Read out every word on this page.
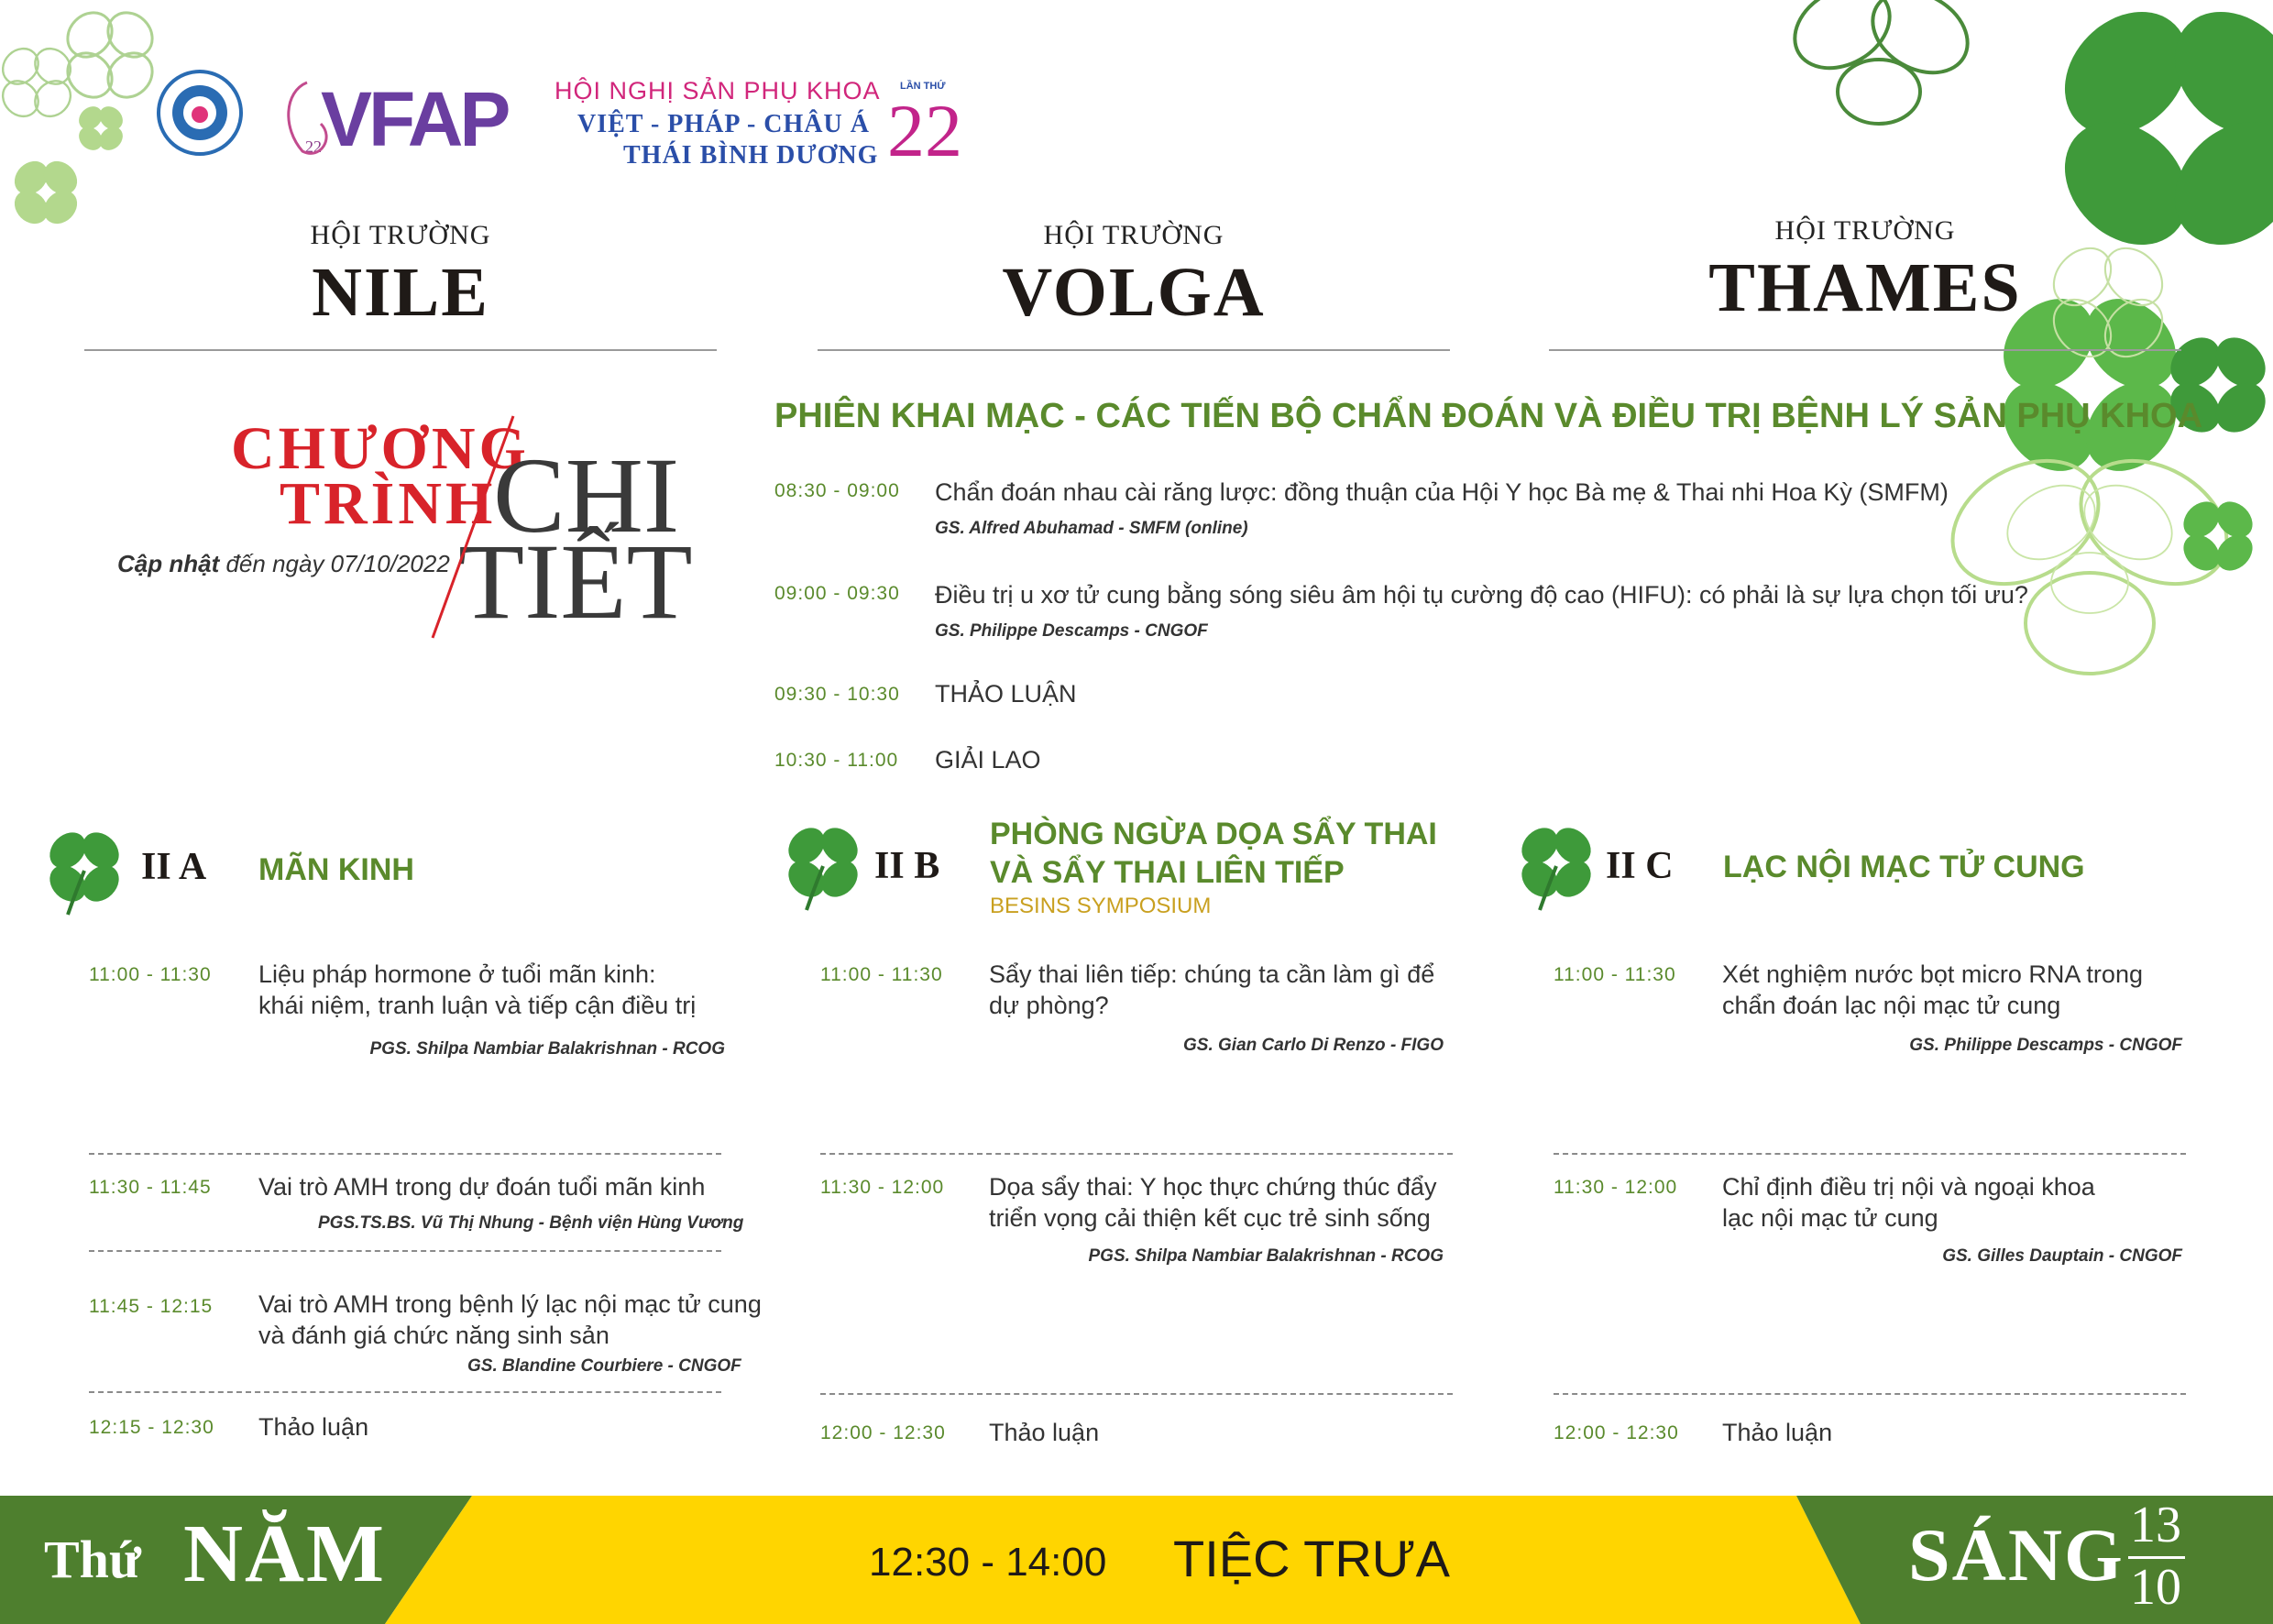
22 VFAP HỘI NGHỊ SẢN PHỤ KHOA
VIỆT - PHÁP - CHÂU Á
THÁI BÌNH DƯƠNG
LẦN THỨ
22
HỘI TRƯỜNG
NILE
HỘI TRƯỜNG
VOLGA
HỘI TRƯỜNG
THAMES
CHƯƠNG
TRÌNH
CHI
TIẾT
Cập nhật đến ngày 07/10/2022
PHIÊN KHAI MẠC - CÁC TIẾN BỘ CHẨN ĐOÁN VÀ ĐIỀU TRỊ BỆNH LÝ SẢN PHỤ KHOA
08:30 - 09:00 Chẩn đoán nhau cài răng lược: đồng thuận của Hội Y học Bà mẹ & Thai nhi Hoa Kỳ (SMFM)
GS. Alfred Abuhamad - SMFM (online)
09:00 - 09:30 Điều trị u xơ tử cung bằng sóng siêu âm hội tụ cường độ cao (HIFU): có phải là sự lựa chọn tối ưu?
GS. Philippe Descamps - CNGOF
09:30 - 10:30 THẢO LUẬN
10:30 - 11:00 GIẢI LAO
II A MÃN KINH	II B
PHÒNG NGỪA DỌA SẨY THAI
VÀ SẨY THAI LIÊN TIẾP
BESINS SYMPOSIUM
II C LẠC NỘI MẠC TỬ CUNG
11:00 - 11:30 Liệu pháp hormone ở tuổi mãn kinh:
khái niệm, tranh luận và tiếp cận điều trị
PGS. Shilpa Nambiar Balakrishnan - RCOG
11:30 - 11:45 Vai trò AMH trong dự đoán tuổi mãn kinh
PGS.TS.BS. Vũ Thị Nhung - Bệnh viện Hùng Vương
11:45 - 12:15 Vai trò AMH trong bệnh lý lạc nội mạc tử cung
và đánh giá chức năng sinh sản
GS. Blandine Courbiere - CNGOF
12:15 - 12:30 Thảo luận
11:00 - 11:30 Sẩy thai liên tiếp: chúng ta cần làm gì để
dự phòng?
GS. Gian Carlo Di Renzo - FIGO
11:30 - 12:00 Dọa sẩy thai: Y học thực chứng thúc đẩy
triển vọng cải thiện kết cục trẻ sinh sống
PGS. Shilpa Nambiar Balakrishnan - RCOG
12:00 - 12:30 Thảo luận
11:00 - 11:30 Xét nghiệm nước bọt micro RNA trong
chẩn đoán lạc nội mạc tử cung
GS. Philippe Descamps - CNGOF
11:30 - 12:00 Chỉ định điều trị nội và ngoại khoa
lạc nội mạc tử cung
GS. Gilles Dauptain - CNGOF
12:00 - 12:30 Thảo luận
Thứ NĂM	12:30 - 14:00 TIỆC TRƯA	SÁNG 13
10
